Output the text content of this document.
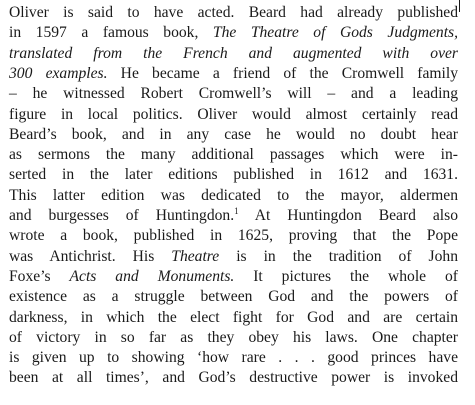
Oliver is said to have acted. Beard had already published

in 1597 a famous book, The Theatre of Gods Judgments,

translated from the French and augmented with over

300 examples. He became a friend of the Cromwell family

– he witnessed Robert Cromwell’s will – and a leading

figure in local politics. Oliver would almost certainly read

Beard’s book, and in any case he would no doubt hear

as sermons the many additional passages which were in-

serted in the later editions published in 1612 and 1631.

This latter edition was dedicated to the mayor, aldermen

and burgesses of Huntingdon.$^1$ At Huntingdon Beard also

wrote a book, published in 1625, proving that the Pope

was Antichrist. His Theatre is in the tradition of John

Foxe’s Acts and Monuments. It pictures the whole of

existence as a struggle between God and the powers of

darkness, in which the elect fight for God and are certain

of victory in so far as they obey his laws. One chapter

is given up to showing ‘how rare . . . good princes have

been at all times’, and God’s destructive power is invoked
